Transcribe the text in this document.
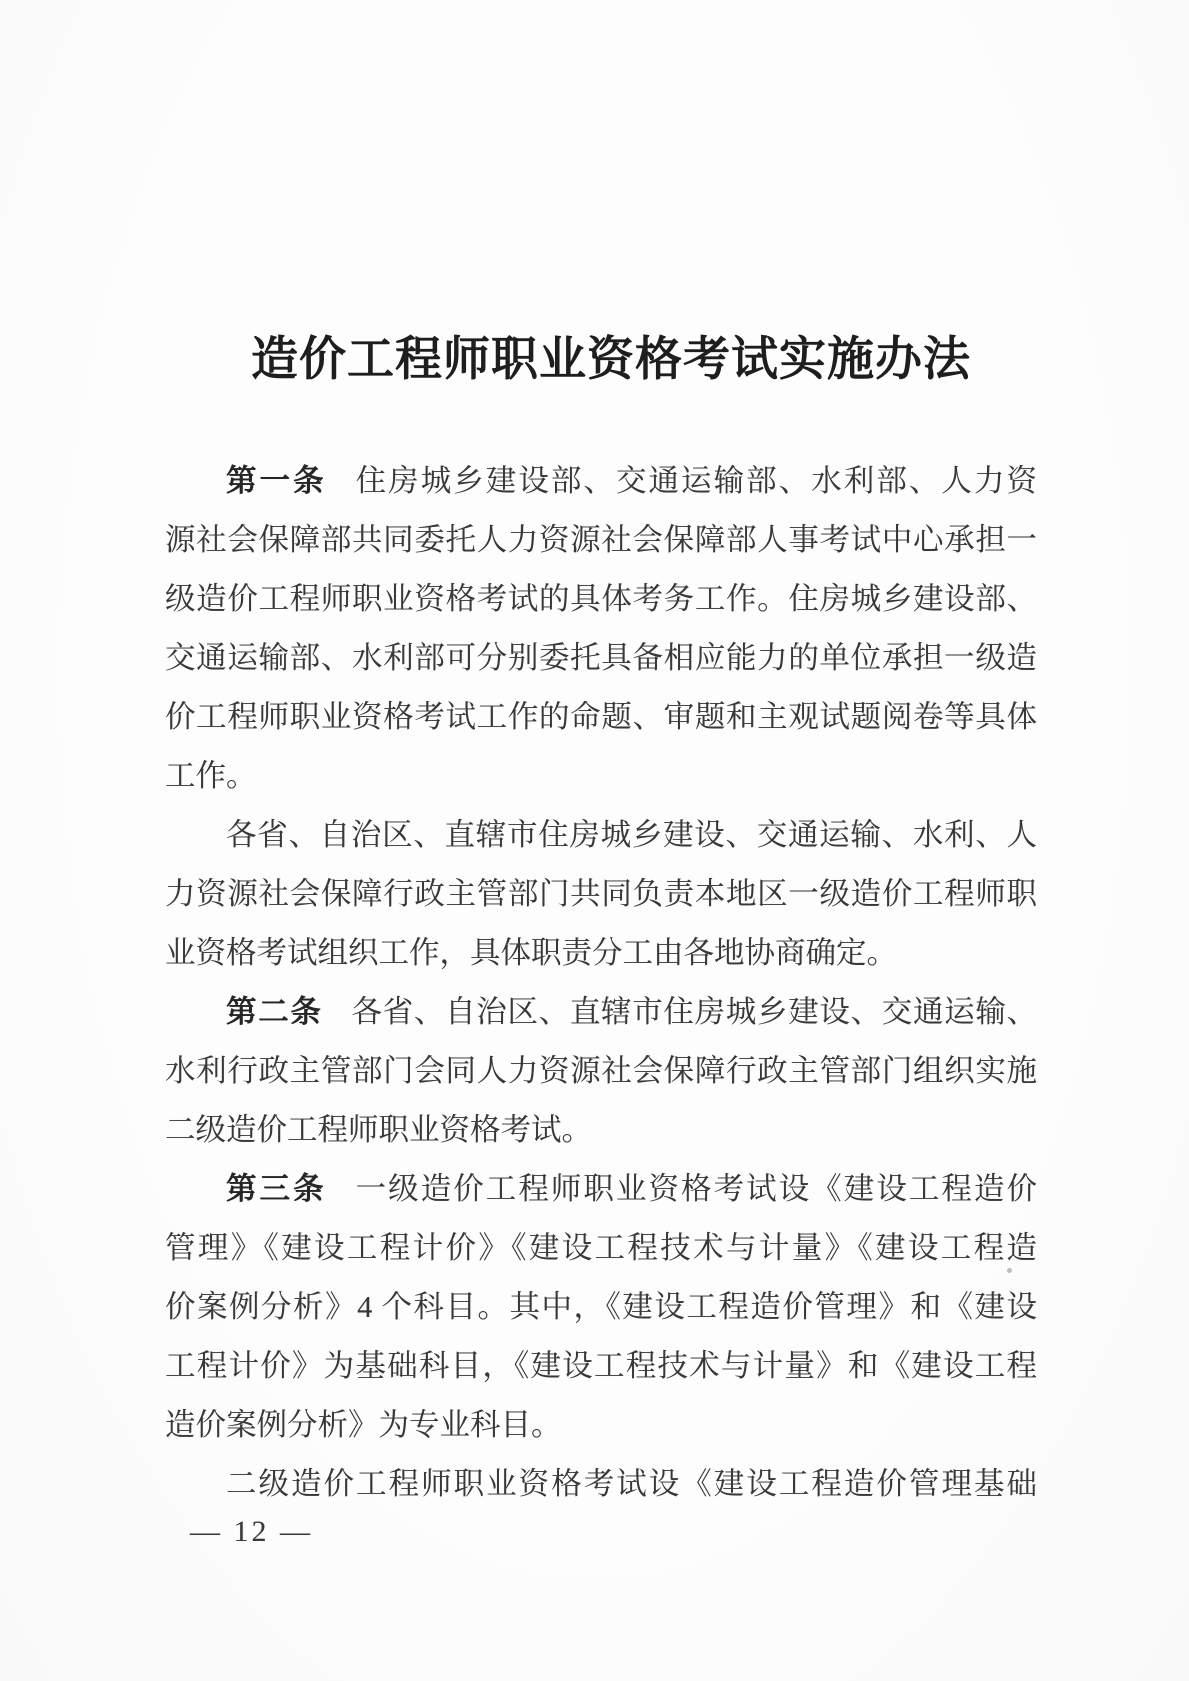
造价工程师职业资格考试实施办法
第一条 住房城乡建设部、交通运输部、水利部、人力资
源社会保障部共同委托人力资源社会保障部人事考试中心承担一
级造价工程师职业资格考试的具体考务工作。住房城乡建设部、
交通运输部、水利部可分别委托具备相应能力的单位承担一级造
价工程师职业资格考试工作的命题、审题和主观试题阅卷等具体
工作。
各省、自治区、直辖市住房城乡建设、交通运输、水利、人
力资源社会保障行政主管部门共同负责本地区一级造价工程师职
业资格考试组织工作，具体职责分工由各地协商确定。
第二条 各省、自治区、直辖市住房城乡建设、交通运输、
水利行政主管部门会同人力资源社会保障行政主管部门组织实施
二级造价工程师职业资格考试。
第三条 一级造价工程师职业资格考试设《建设工程造价
管理》《建设工程计价》《建设工程技术与计量》《建设工程造
价案例分析》4 个科目。其中，《建设工程造价管理》和《建设
工程计价》为基础科目，《建设工程技术与计量》和《建设工程
造价案例分析》为专业科目。
二级造价工程师职业资格考试设《建设工程造价管理基础
— 12 —
